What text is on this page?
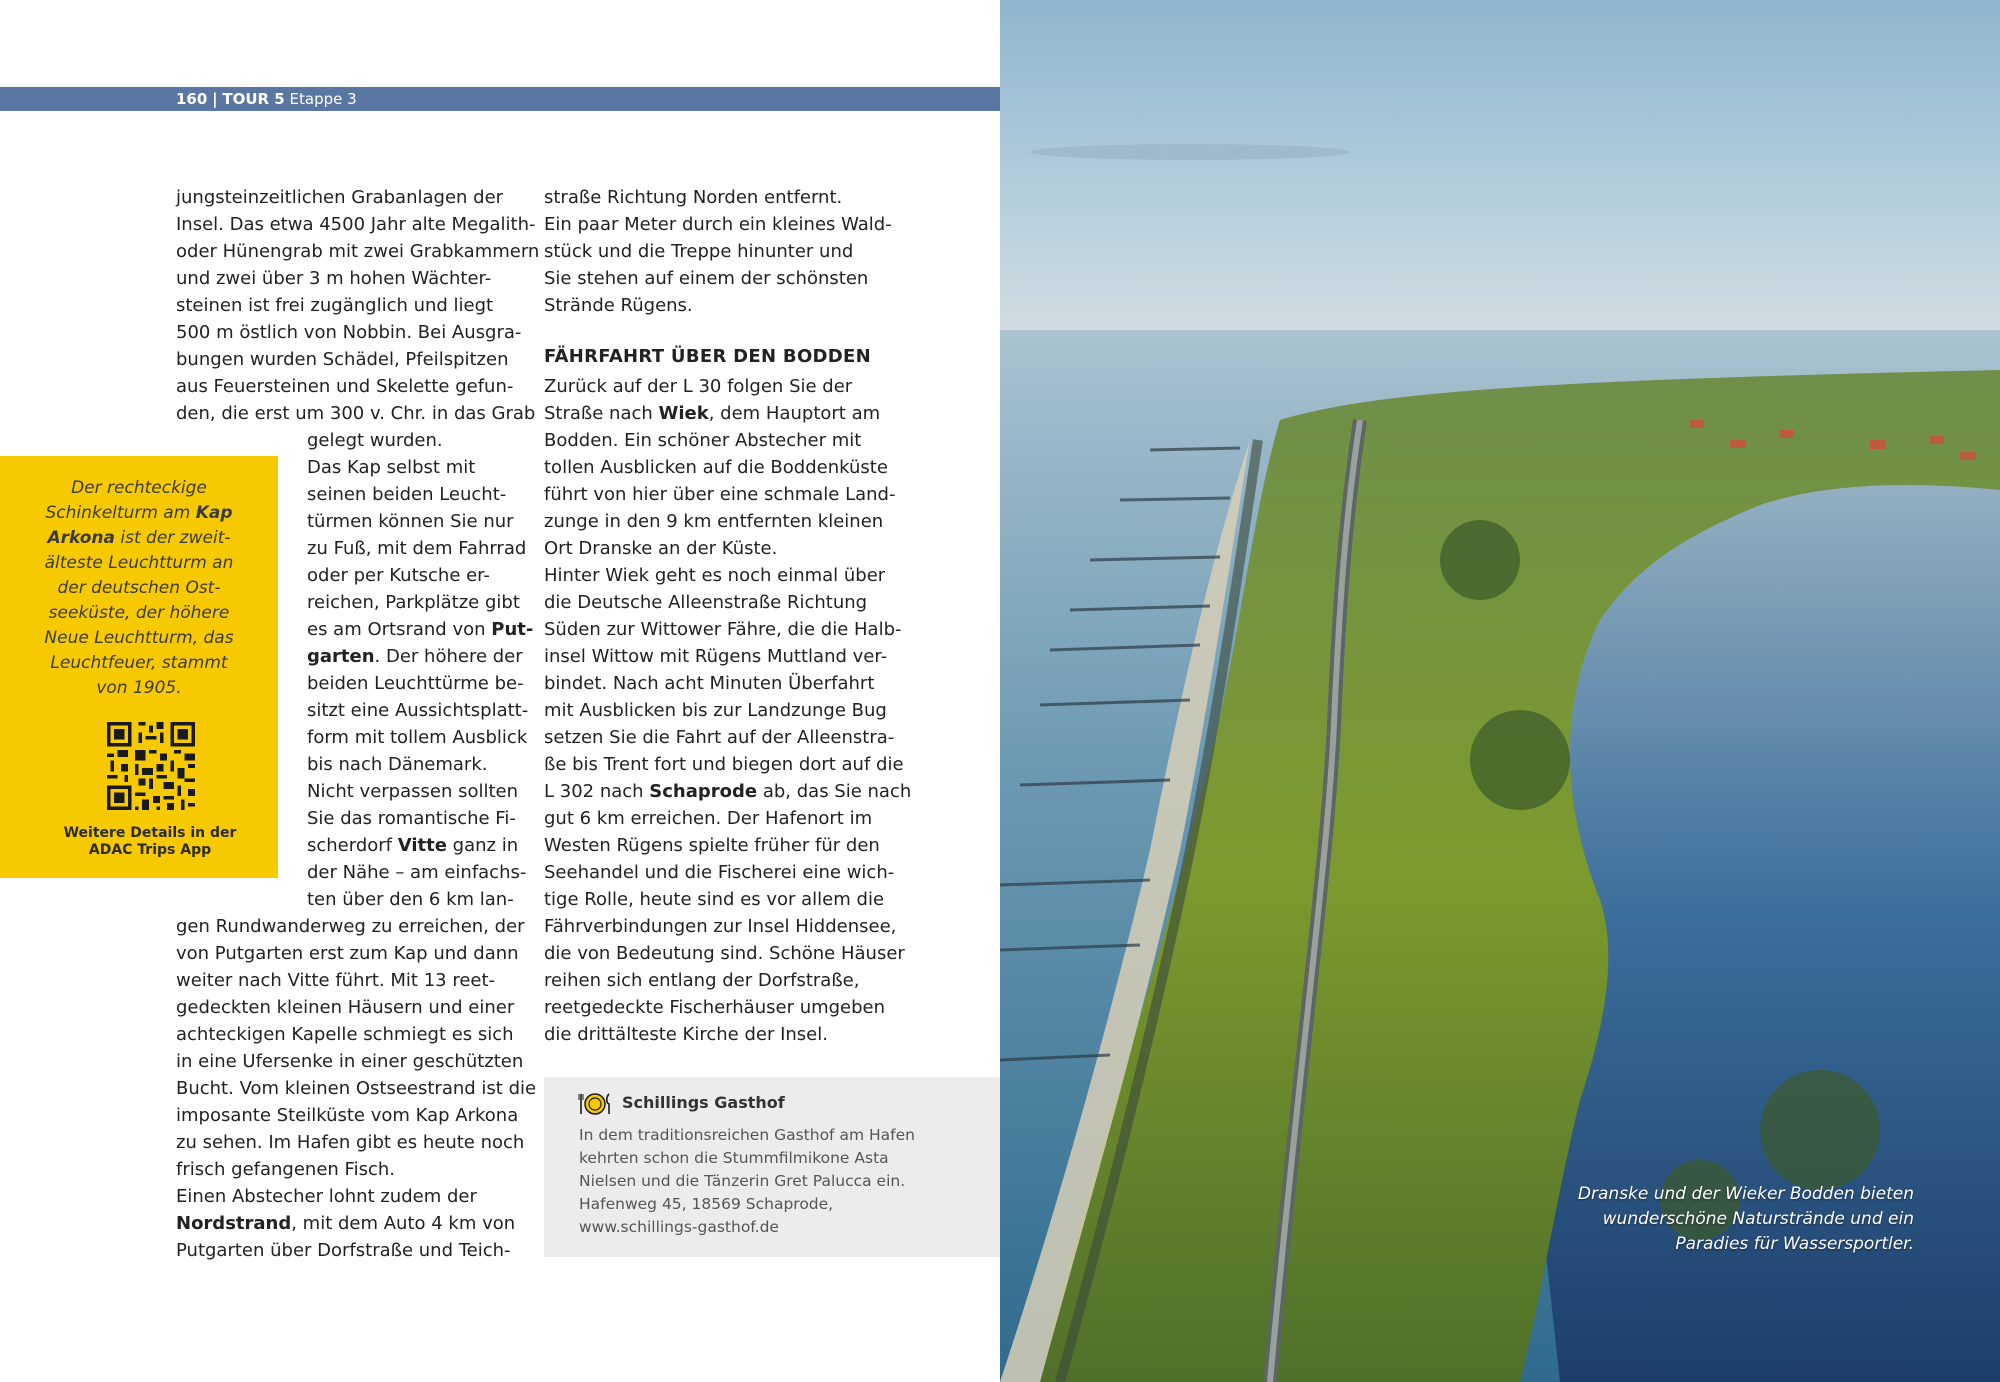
160 | TOUR 5 Etappe 3

jungsteinzeitlichen Grabanlagen der
Insel. Das etwa 4500 Jahr alte Megalith-
oder Hünengrab mit zwei Grabkammern
und zwei über 3 m hohen Wächter-
steinen ist frei zugänglich und liegt
500 m östlich von Nobbin. Bei Ausgra-
bungen wurden Schädel, Pfeilspitzen
aus Feuersteinen und Skelette gefun-
den, die erst um 300 v. Chr. in das Grab

gelegt wurden.
Das Kap selbst mit
seinen beiden Leucht-
türmen können Sie nur
zu Fuß, mit dem Fahrrad
oder per Kutsche er-
reichen, Parkplätze gibt
es am Ortsrand von Put-
garten. Der höhere der
beiden Leuchttürme be-
sitzt eine Aussichtsplatt-
form mit tollem Ausblick
bis nach Dänemark.
Nicht verpassen sollten
Sie das romantische Fi-
scherdorf Vitte ganz in
der Nähe – am einfachs-
ten über den 6 km lan-

gen Rundwanderweg zu erreichen, der
von Putgarten erst zum Kap und dann
weiter nach Vitte führt. Mit 13 reet-
gedeckten kleinen Häusern und einer
achteckigen Kapelle schmiegt es sich
in eine Ufersenke in einer geschützten
Bucht. Vom kleinen Ostseestrand ist die
imposante Steilküste vom Kap Arkona
zu sehen. Im Hafen gibt es heute noch
frisch gefangenen Fisch.
Einen Abstecher lohnt zudem der
Nordstrand, mit dem Auto 4 km von
Putgarten über Dorfstraße und Teich-

straße Richtung Norden entfernt.
Ein paar Meter durch ein kleines Wald-
stück und die Treppe hinunter und
Sie stehen auf einem der schönsten
Strände Rügens.

FÄHRFAHRT ÜBER DEN BODDEN

Zurück auf der L 30 folgen Sie der
Straße nach Wiek, dem Hauptort am
Bodden. Ein schöner Abstecher mit
tollen Ausblicken auf die Boddenküste
führt von hier über eine schmale Land-
zunge in den 9 km entfernten kleinen
Ort Dranske an der Küste.
Hinter Wiek geht es noch einmal über
die Deutsche Alleenstraße Richtung
Süden zur Wittower Fähre, die die Halb-
insel Wittow mit Rügens Muttland ver-
bindet. Nach acht Minuten Überfahrt
mit Ausblicken bis zur Landzunge Bug
setzen Sie die Fahrt auf der Alleenstra-
ße bis Trent fort und biegen dort auf die
L 302 nach Schaprode ab, das Sie nach
gut 6 km erreichen. Der Hafenort im
Westen Rügens spielte früher für den
Seehandel und die Fischerei eine wich-
tige Rolle, heute sind es vor allem die
Fährverbindungen zur Insel Hiddensee,
die von Bedeutung sind. Schöne Häuser
reihen sich entlang der Dorfstraße,
reetgedeckte Fischerhäuser umgeben
die drittälteste Kirche der Insel.

Der rechteckige
Schinkelturm am Kap
Arkona ist der zweit-
älteste Leuchtturm an
der deutschen Ost-
seeküste, der höhere
Neue Leuchtturm, das
Leuchtfeuer, stammt
von 1905.

Weitere Details in der
ADAC Trips App

Schillings Gasthof

In dem traditionsreichen Gasthof am Hafen
kehrten schon die Stummfilmikone Asta
Nielsen und die Tänzerin Gret Palucca ein.
Hafenweg 45, 18569 Schaprode,
www.schillings-gasthof.de

Dranske und der Wieker Bodden bieten
wunderschöne Naturstrände und ein
Paradies für Wassersportler.
